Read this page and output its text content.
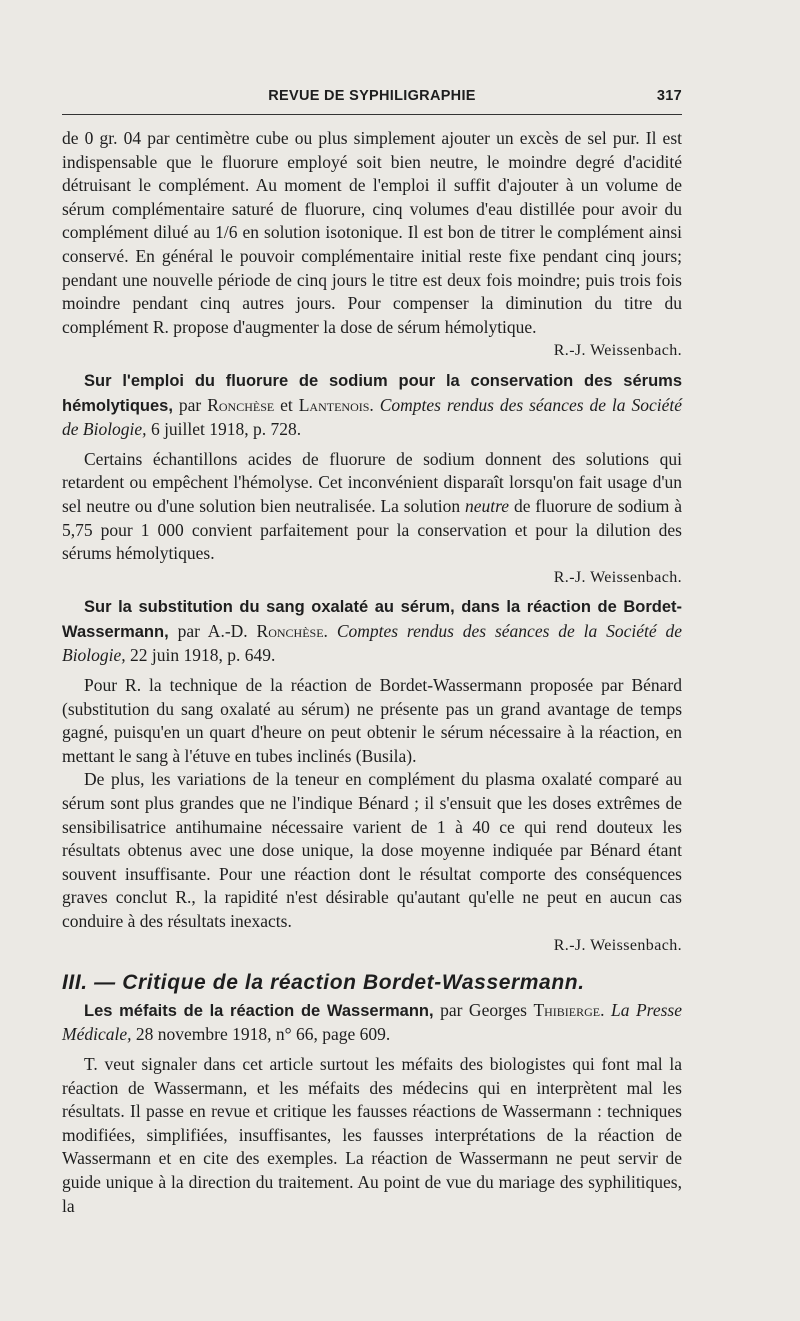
REVUE DE SYPHILIGRAPHIE	317

de 0 gr. 04 par centimètre cube ou plus simplement ajouter un excès de sel pur. Il est indispensable que le fluorure employé soit bien neutre, le moindre degré d'acidité détruisant le complément. Au moment de l'emploi il suffit d'ajouter à un volume de sérum complémentaire saturé de fluorure, cinq volumes d'eau distillée pour avoir du complément dilué au 1/6 en solution isotonique. Il est bon de titrer le complément ainsi conservé. En général le pouvoir complémentaire initial reste fixe pendant cinq jours; pendant une nouvelle période de cinq jours le titre est deux fois moindre; puis trois fois moindre pendant cinq autres jours. Pour compenser la diminution du titre du complément R. propose d'augmenter la dose de sérum hémolytique.
R.-J. Weissenbach.

Sur l'emploi du fluorure de sodium pour la conservation des sérums hémolytiques, par Ronchèse et Lantenois. Comptes rendus des séances de la Société de Biologie, 6 juillet 1918, p. 728.

Certains échantillons acides de fluorure de sodium donnent des solutions qui retardent ou empêchent l'hémolyse. Cet inconvénient disparaît lorsqu'on fait usage d'un sel neutre ou d'une solution bien neutralisée. La solution neutre de fluorure de sodium à 5,75 pour 1 000 convient parfaitement pour la conservation et pour la dilution des sérums hémolytiques.
R.-J. Weissenbach.

Sur la substitution du sang oxalaté au sérum, dans la réaction de Bordet-Wassermann, par A.-D. Ronchèse. Comptes rendus des séances de la Société de Biologie, 22 juin 1918, p. 649.

Pour R. la technique de la réaction de Bordet-Wassermann proposée par Bénard (substitution du sang oxalaté au sérum) ne présente pas un grand avantage de temps gagné, puisqu'en un quart d'heure on peut obtenir le sérum nécessaire à la réaction, en mettant le sang à l'étuve en tubes inclinés (Busila).

De plus, les variations de la teneur en complément du plasma oxalaté comparé au sérum sont plus grandes que ne l'indique Bénard ; il s'ensuit que les doses extrêmes de sensibilisatrice antihumaine nécessaire varient de 1 à 40 ce qui rend douteux les résultats obtenus avec une dose unique, la dose moyenne indiquée par Bénard étant souvent insuffisante. Pour une réaction dont le résultat comporte des conséquences graves conclut R., la rapidité n'est désirable qu'autant qu'elle ne peut en aucun cas conduire à des résultats inexacts.
R.-J. Weissenbach.

III. — Critique de la réaction Bordet-Wassermann.

Les méfaits de la réaction de Wassermann, par Georges Thibierge. La Presse Médicale, 28 novembre 1918, n° 66, page 609.

T. veut signaler dans cet article surtout les méfaits des biologistes qui font mal la réaction de Wassermann, et les méfaits des médecins qui en interprètent mal les résultats. Il passe en revue et critique les fausses réactions de Wassermann : techniques modifiées, simplifiées, insuffisantes, les fausses interprétations de la réaction de Wassermann et en cite des exemples. La réaction de Wassermann ne peut servir de guide unique à la direction du traitement. Au point de vue du mariage des syphilitiques, la
